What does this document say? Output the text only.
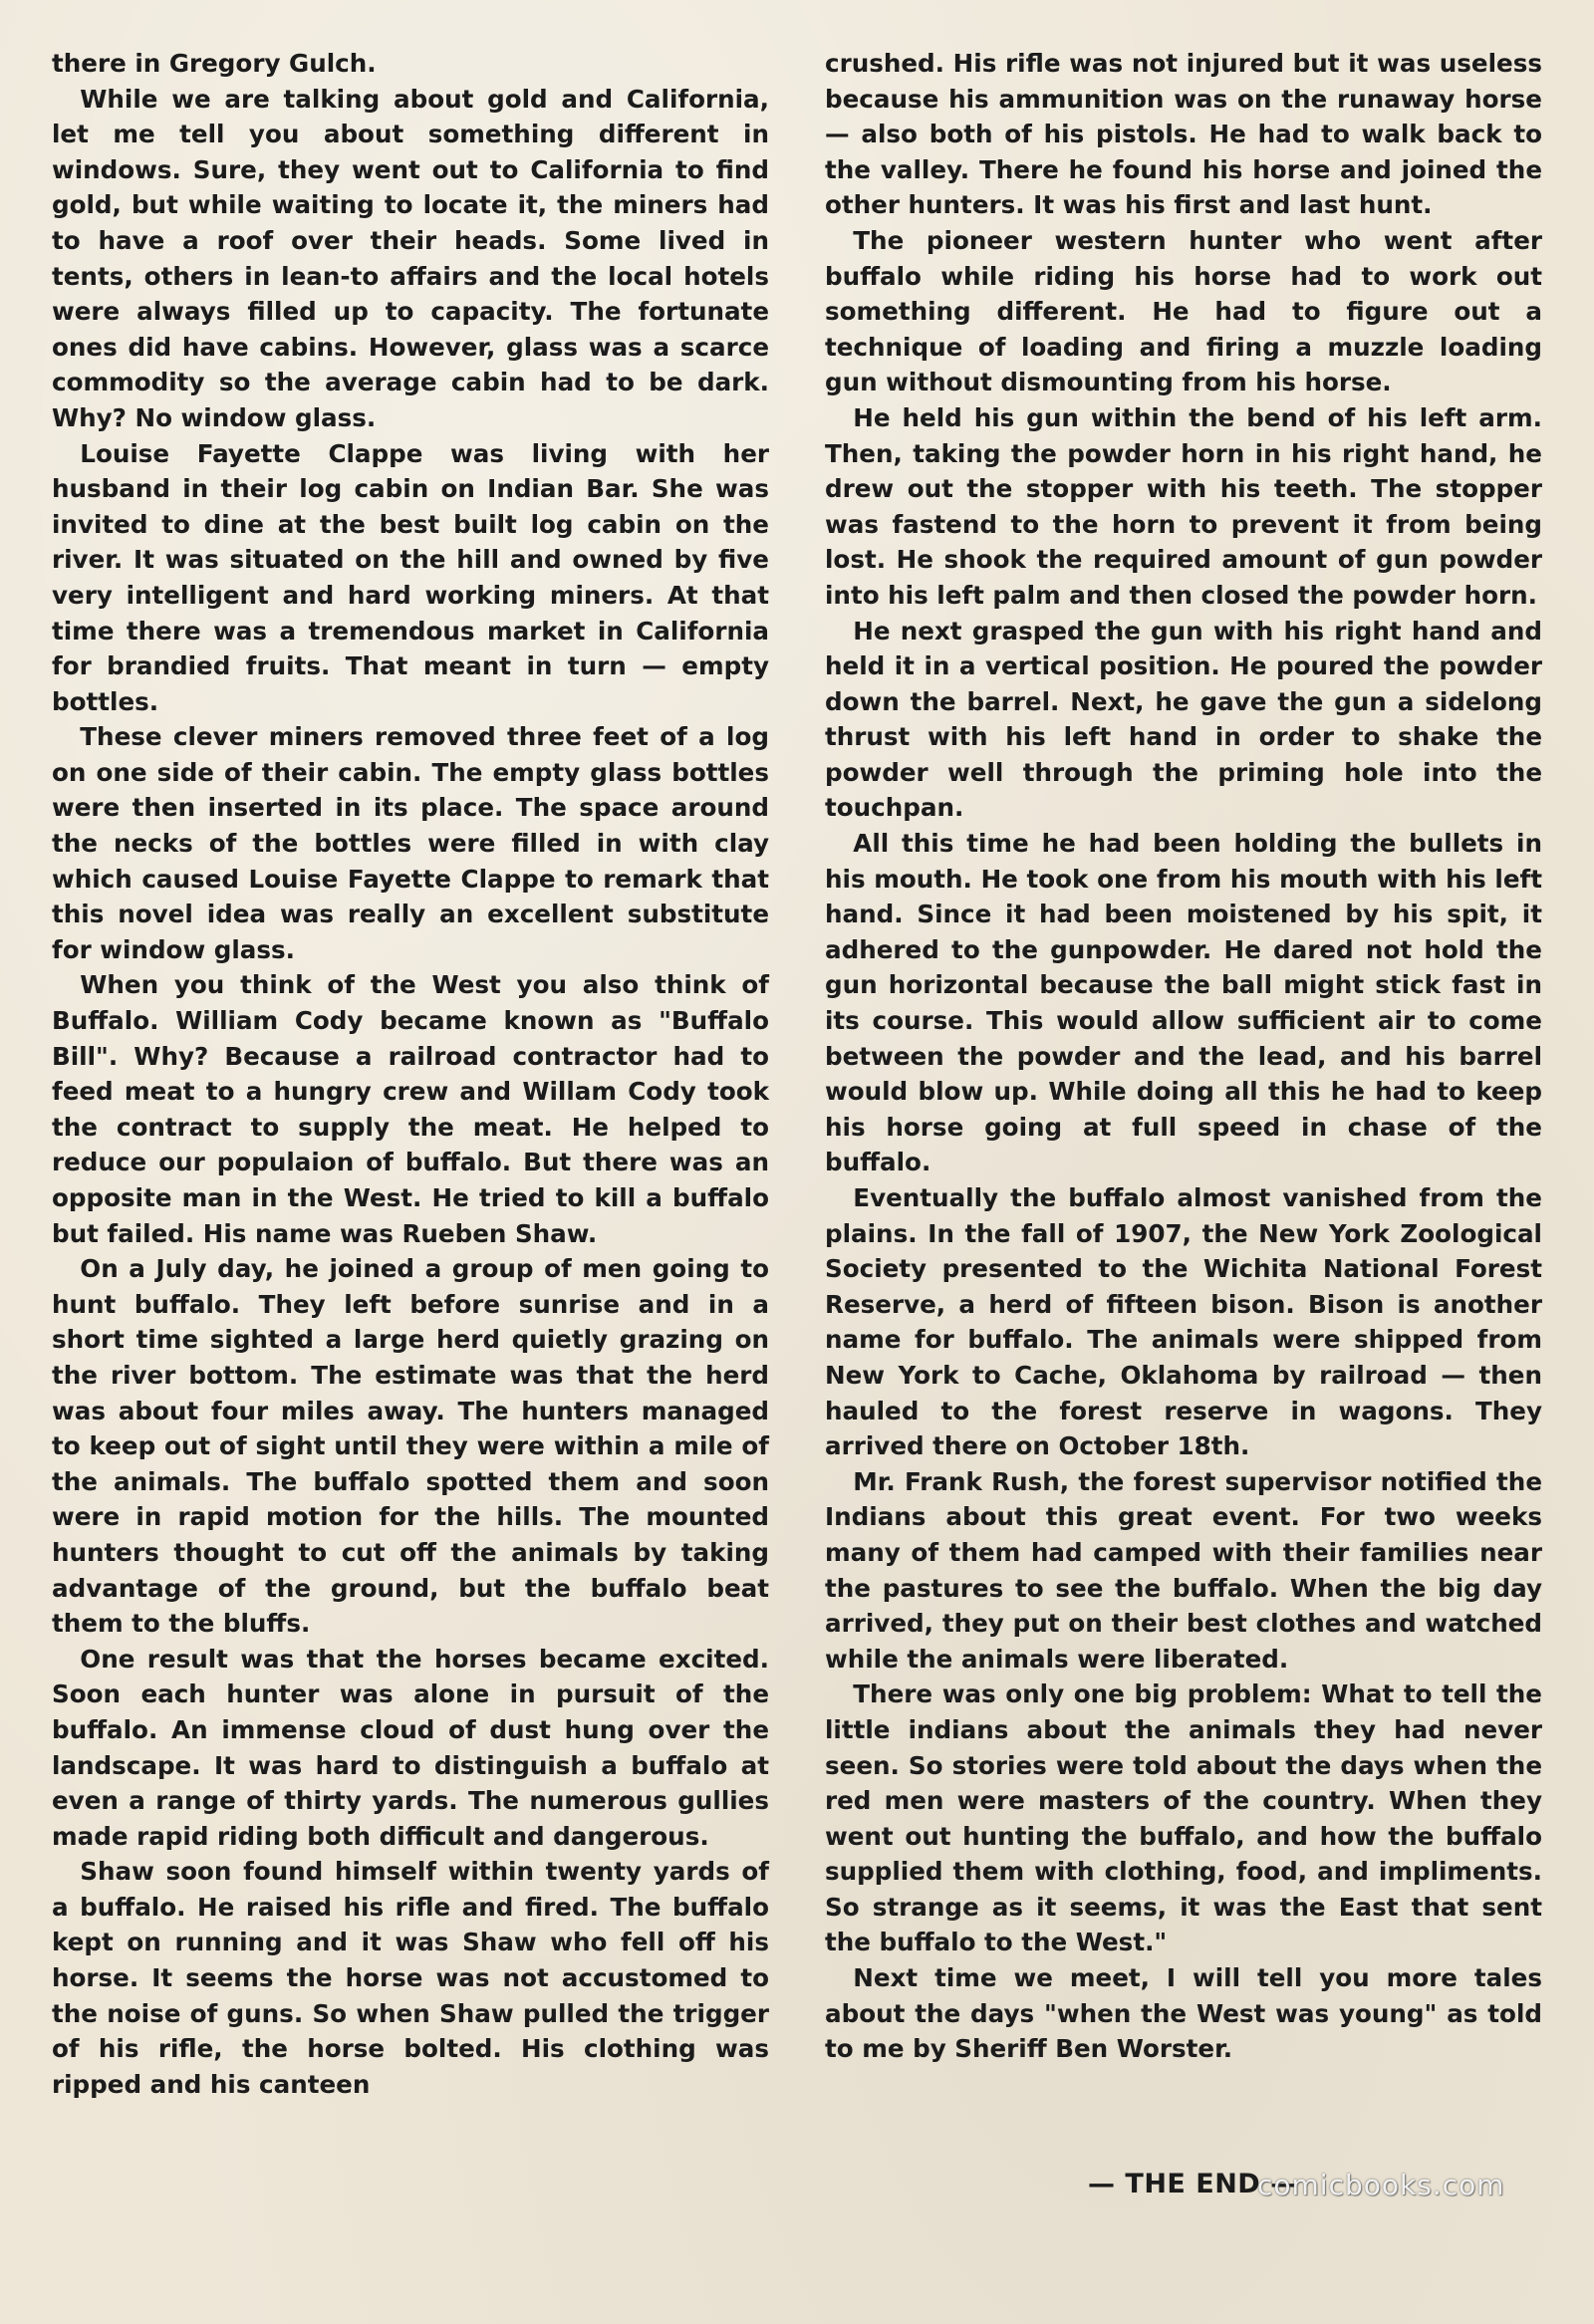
there in Gregory Gulch.

While we are talking about gold and California, let me tell you about something different in windows. Sure, they went out to California to find gold, but while waiting to locate it, the miners had to have a roof over their heads. Some lived in tents, others in lean-to affairs and the local hotels were always filled up to capacity. The fortunate ones did have cabins. However, glass was a scarce commodity so the average cabin had to be dark. Why? No window glass.

Louise Fayette Clappe was living with her husband in their log cabin on Indian Bar. She was invited to dine at the best built log cabin on the river. It was situated on the hill and owned by five very intelligent and hard working miners. At that time there was a tremendous market in California for brandied fruits. That meant in turn — empty bottles.

These clever miners removed three feet of a log on one side of their cabin. The empty glass bottles were then inserted in its place. The space around the necks of the bottles were filled in with clay which caused Louise Fayette Clappe to remark that this novel idea was really an excellent substitute for window glass.

When you think of the West you also think of Buffalo. William Cody became known as "Buffalo Bill". Why? Because a railroad contractor had to feed meat to a hungry crew and Willam Cody took the contract to supply the meat. He helped to reduce our populaion of buffalo. But there was an opposite man in the West. He tried to kill a buffalo but failed. His name was Rueben Shaw.

On a July day, he joined a group of men going to hunt buffalo. They left before sunrise and in a short time sighted a large herd quietly grazing on the river bottom. The estimate was that the herd was about four miles away. The hunters managed to keep out of sight until they were within a mile of the animals. The buffalo spotted them and soon were in rapid motion for the hills. The mounted hunters thought to cut off the animals by taking advantage of the ground, but the buffalo beat them to the bluffs.

One result was that the horses became excited. Soon each hunter was alone in pursuit of the buffalo. An immense cloud of dust hung over the landscape. It was hard to distinguish a buffalo at even a range of thirty yards. The numerous gullies made rapid riding both difficult and dangerous.

Shaw soon found himself within twenty yards of a buffalo. He raised his rifle and fired. The buffalo kept on running and it was Shaw who fell off his horse. It seems the horse was not accustomed to the noise of guns. So when Shaw pulled the trigger of his rifle, the horse bolted. His clothing was ripped and his canteen

crushed. His rifle was not injured but it was useless because his ammunition was on the runaway horse — also both of his pistols. He had to walk back to the valley. There he found his horse and joined the other hunters. It was his first and last hunt.

The pioneer western hunter who went after buffalo while riding his horse had to work out something different. He had to figure out a technique of loading and firing a muzzle loading gun without dismounting from his horse.

He held his gun within the bend of his left arm. Then, taking the powder horn in his right hand, he drew out the stopper with his teeth. The stopper was fastend to the horn to prevent it from being lost. He shook the required amount of gun powder into his left palm and then closed the powder horn.

He next grasped the gun with his right hand and held it in a vertical position. He poured the powder down the barrel. Next, he gave the gun a sidelong thrust with his left hand in order to shake the powder well through the priming hole into the touchpan.

All this time he had been holding the bullets in his mouth. He took one from his mouth with his left hand. Since it had been moistened by his spit, it adhered to the gunpowder. He dared not hold the gun horizontal because the ball might stick fast in its course. This would allow sufficient air to come between the powder and the lead, and his barrel would blow up. While doing all this he had to keep his horse going at full speed in chase of the buffalo.

Eventually the buffalo almost vanished from the plains. In the fall of 1907, the New York Zoological Society presented to the Wichita National Forest Reserve, a herd of fifteen bison. Bison is another name for buffalo. The animals were shipped from New York to Cache, Oklahoma by railroad — then hauled to the forest reserve in wagons. They arrived there on October 18th.

Mr. Frank Rush, the forest supervisor notified the Indians about this great event. For two weeks many of them had camped with their families near the pastures to see the buffalo. When the big day arrived, they put on their best clothes and watched while the animals were liberated.

There was only one big problem: What to tell the little indians about the animals they had never seen. So stories were told about the days when the red men were masters of the country. When they went out hunting the buffalo, and how the buffalo supplied them with clothing, food, and impliments. So strange as it seems, it was the East that sent the buffalo to the West."

Next time we meet, I will tell you more tales about the days "when the West was young" as told to me by Sheriff Ben Worster.

— THE END —
comicbooks.com
